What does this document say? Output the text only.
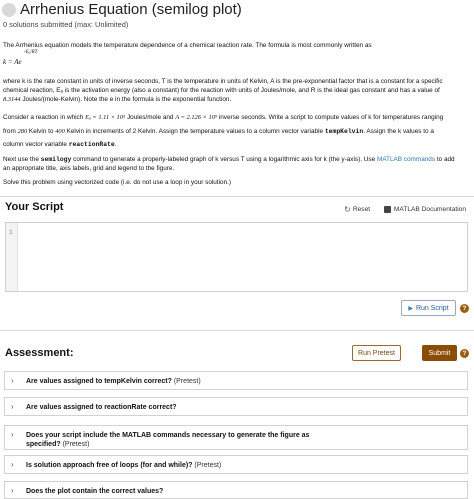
Arrhenius Equation (semilog plot)
0 solutions submitted (max: Unlimited)
The Arrhenius equation models the temperature dependence of a chemical reaction rate. The formula is most commonly written as
k = Ae
-Eₐ/RT
where k is the rate constant in units of inverse seconds, T is the temperature in units of Kelvin, A is the pre-exponential factor that is a constant for a specific
chemical reaction, Eₐ is the activation energy (also a constant) for the reaction with units of Joules/mole, and R is the ideal gas constant and has a value of
8.3144 Joules/(mole-Kelvin). Note the e in the formula is the exponential function.
Consider a reaction in which Eₐ = 1.11 × 10⁵ Joules/mole and A = 2.126 × 10⁹ inverse seconds. Write a script to compute values of k for temperatures ranging
from 280 Kelvin to 400 Kelvin in increments of 2 Kelvin. Assign the temperature values to a column vector variable tempKelvin. Assign the k values to a
column vector variable reactionRate.
Next use the semilogy command to generate a properly-labeled graph of k versus T using a logarithmic axis for k (the y-axis). Use MATLAB commands to add
an appropriate title, axis labels, grid and legend to the figure.
Solve this problem using vectorized code (i.e. do not use a loop in your solution.)
Your Script	↻ Reset	MATLAB Documentation
1
▶ Run Script	?
Assessment:	Run Pretest	Submit	?
› Are values assigned to tempKelvin correct? (Pretest)
› Are values assigned to reactionRate correct?
› Does your script include the MATLAB commands necessary to generate the figure as
specified? (Pretest)
› Is solution approach free of loops (for and while)? (Pretest)
› Does the plot contain the correct values?
